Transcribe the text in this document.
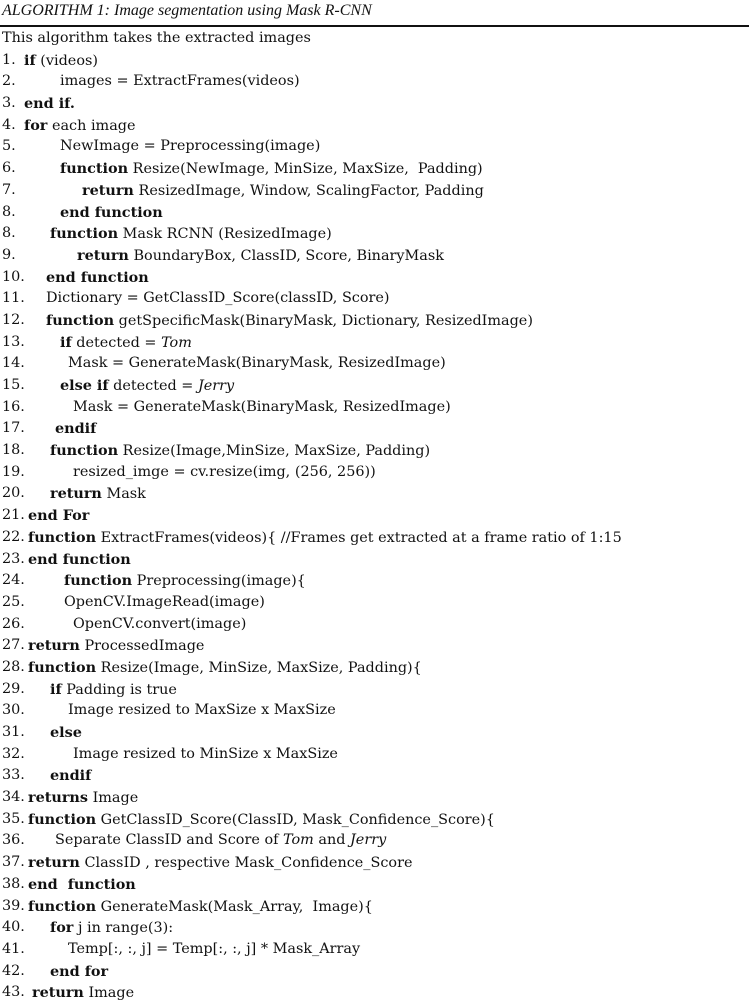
ALGORITHM 1: Image segmentation using Mask R-CNN
This algorithm takes the extracted images
1. if (videos)
2.	images = ExtractFrames(videos)
3. end if.
4. for each image
5.	NewImage = Preprocessing(image)
6.	function Resize(NewImage, MinSize, MaxSize,  Padding)
7.	return ResizedImage, Window, ScalingFactor, Padding
8.	end function
8. function Mask RCNN (ResizedImage)
9.	return BoundaryBox, ClassID, Score, BinaryMask
10. end function
11. Dictionary = GetClassID_Score(classID, Score)
12. function getSpecificMask(BinaryMask, Dictionary, ResizedImage)
13. if detected = Tom
14.	Mask = GenerateMask(BinaryMask, ResizedImage)
15. else if detected = Jerry
16.	Mask = GenerateMask(BinaryMask, ResizedImage)
17. endif
18. function Resize(Image,MinSize, MaxSize, Padding)
19.	resized_imge = cv.resize(img, (256, 256))
20. return Mask
21. end For
22. function ExtractFrames(videos){ //Frames get extracted at a frame ratio of 1:15
23. end function
24.	function Preprocessing(image){
25.	OpenCV.ImageRead(image)
26.	OpenCV.convert(image)
27. return ProcessedImage
28. function Resize(Image, MinSize, MaxSize, Padding){
29. if Padding is true
30.	Image resized to MaxSize x MaxSize
31. else
32.	Image resized to MinSize x MaxSize
33. endif
34. returns Image
35. function GetClassID_Score(ClassID, Mask_Confidence_Score){
36. Separate ClassID and Score of Tom and Jerry
37. return ClassID , respective Mask_Confidence_Score
38. end  function
39. function GenerateMask(Mask_Array,  Image){
40. for j in range(3):
41.	Temp[:, :, j] = Temp[:, :, j] * Mask_Array
42. end for
43. return Image
